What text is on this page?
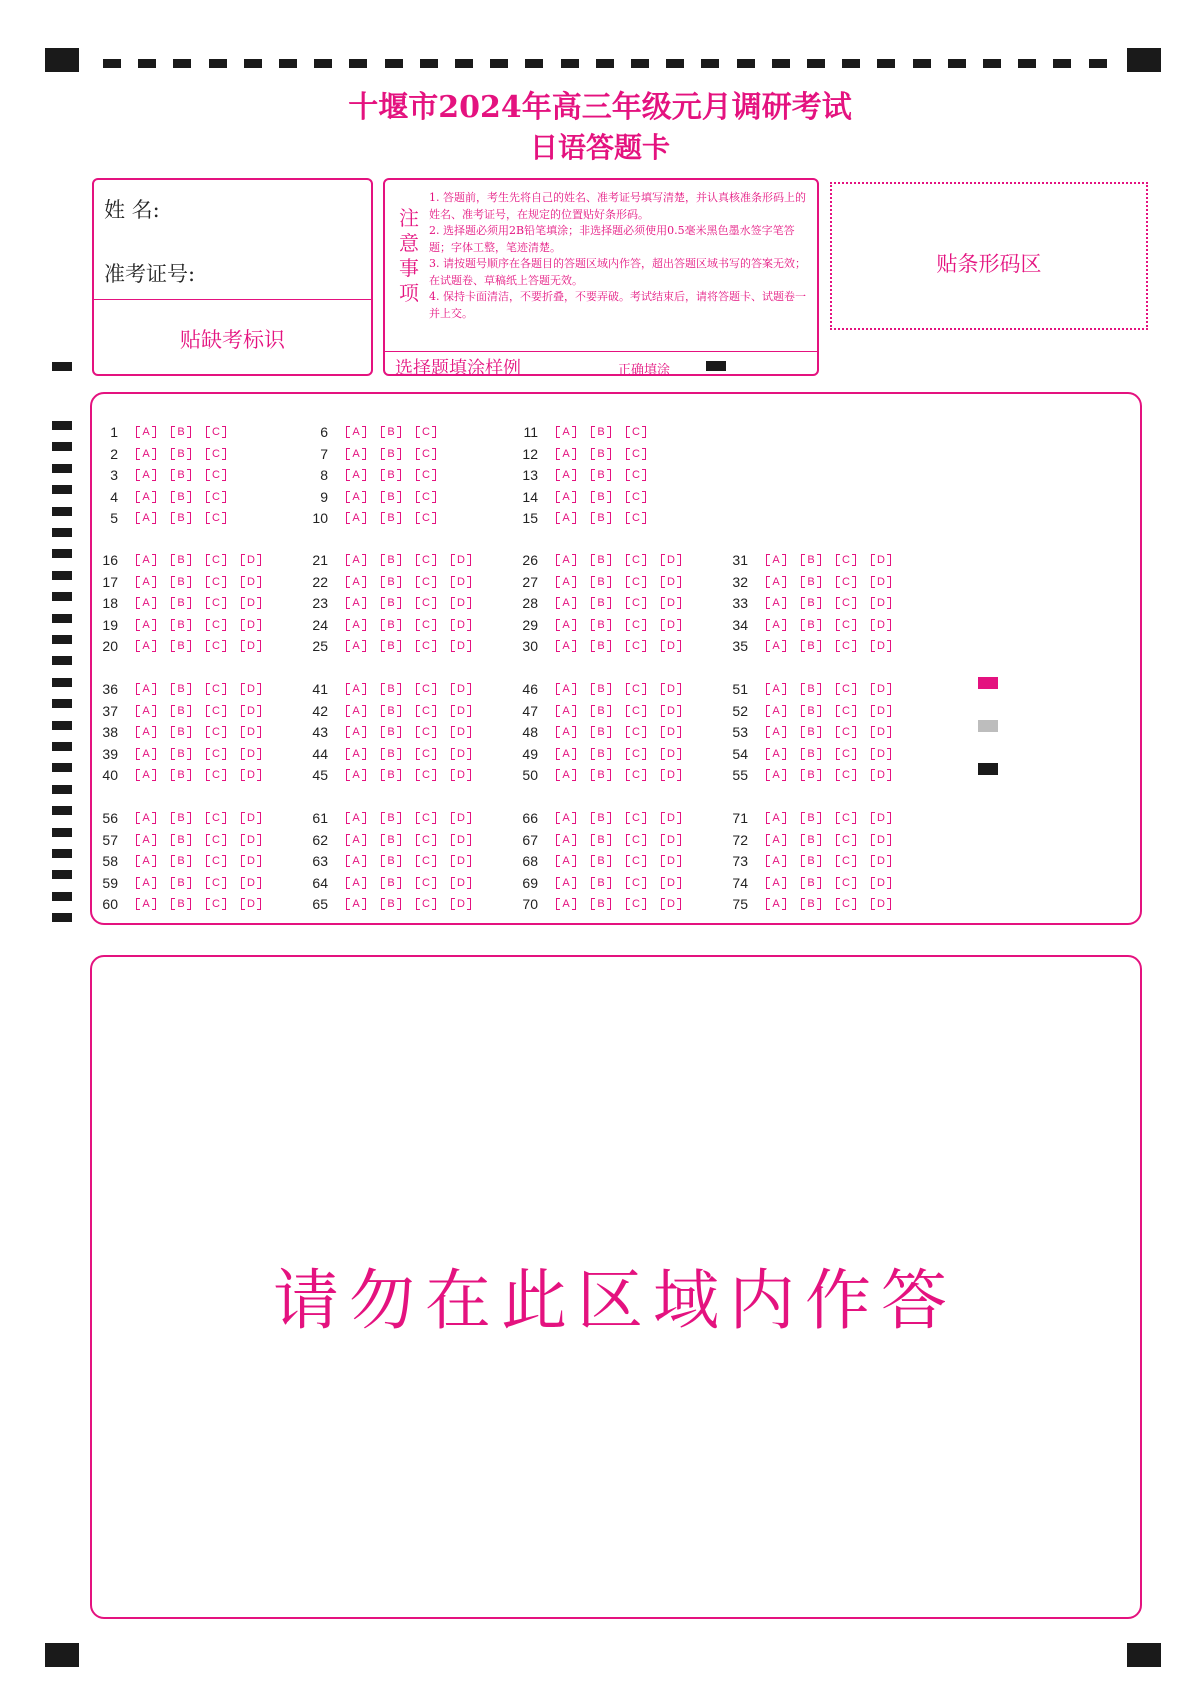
十堰市2024年高三年级元月调研考试
日语答题卡
姓 名:
准考证号:
贴缺考标识
注
意
事
项

1. 答题前，考生先将自己的姓名、准考证号填写清楚，并认真核准条形码上的姓名、准考证号，在规定的位置贴好条形码。

2. 选择题必须用2B铅笔填涂；非选择题必须使用0.5毫米黑色墨水签字笔答题；字体工整，笔迹清楚。

3. 请按题号顺序在各题目的答题区域内作答，超出答题区域书写的答案无效；在试题卷、草稿纸上答题无效。

4. 保持卡面清洁，不要折叠，不要弄破。考试结束后，请将答题卡、试题卷一并上交。

选择题填涂样例	正确填涂
贴条形码区
1	A	B	C
2	A	B	C
3	A	B	C
4	A	B	C
5	A	B	C
6	A	B	C
7	A	B	C
8	A	B	C
9	A	B	C
10	A	B	C
11	A	B	C
12	A	B	C
13	A	B	C
14	A	B	C
15	A	B	C
16	A	B	C	D
17	A	B	C	D
18	A	B	C	D
19	A	B	C	D
20	A	B	C	D
21	A	B	C	D
22	A	B	C	D
23	A	B	C	D
24	A	B	C	D
25	A	B	C	D
26	A	B	C	D
27	A	B	C	D
28	A	B	C	D
29	A	B	C	D
30	A	B	C	D
31	A	B	C	D
32	A	B	C	D
33	A	B	C	D
34	A	B	C	D
35	A	B	C	D
36	A	B	C	D
37	A	B	C	D
38	A	B	C	D
39	A	B	C	D
40	A	B	C	D
41	A	B	C	D
42	A	B	C	D
43	A	B	C	D
44	A	B	C	D
45	A	B	C	D
46	A	B	C	D
47	A	B	C	D
48	A	B	C	D
49	A	B	C	D
50	A	B	C	D
51	A	B	C	D
52	A	B	C	D
53	A	B	C	D
54	A	B	C	D
55	A	B	C	D
56	A	B	C	D
57	A	B	C	D
58	A	B	C	D
59	A	B	C	D
60	A	B	C	D
61	A	B	C	D
62	A	B	C	D
63	A	B	C	D
64	A	B	C	D
65	A	B	C	D
66	A	B	C	D
67	A	B	C	D
68	A	B	C	D
69	A	B	C	D
70	A	B	C	D
71	A	B	C	D
72	A	B	C	D
73	A	B	C	D
74	A	B	C	D
75	A	B	C	D
请勿在此区域内作答
